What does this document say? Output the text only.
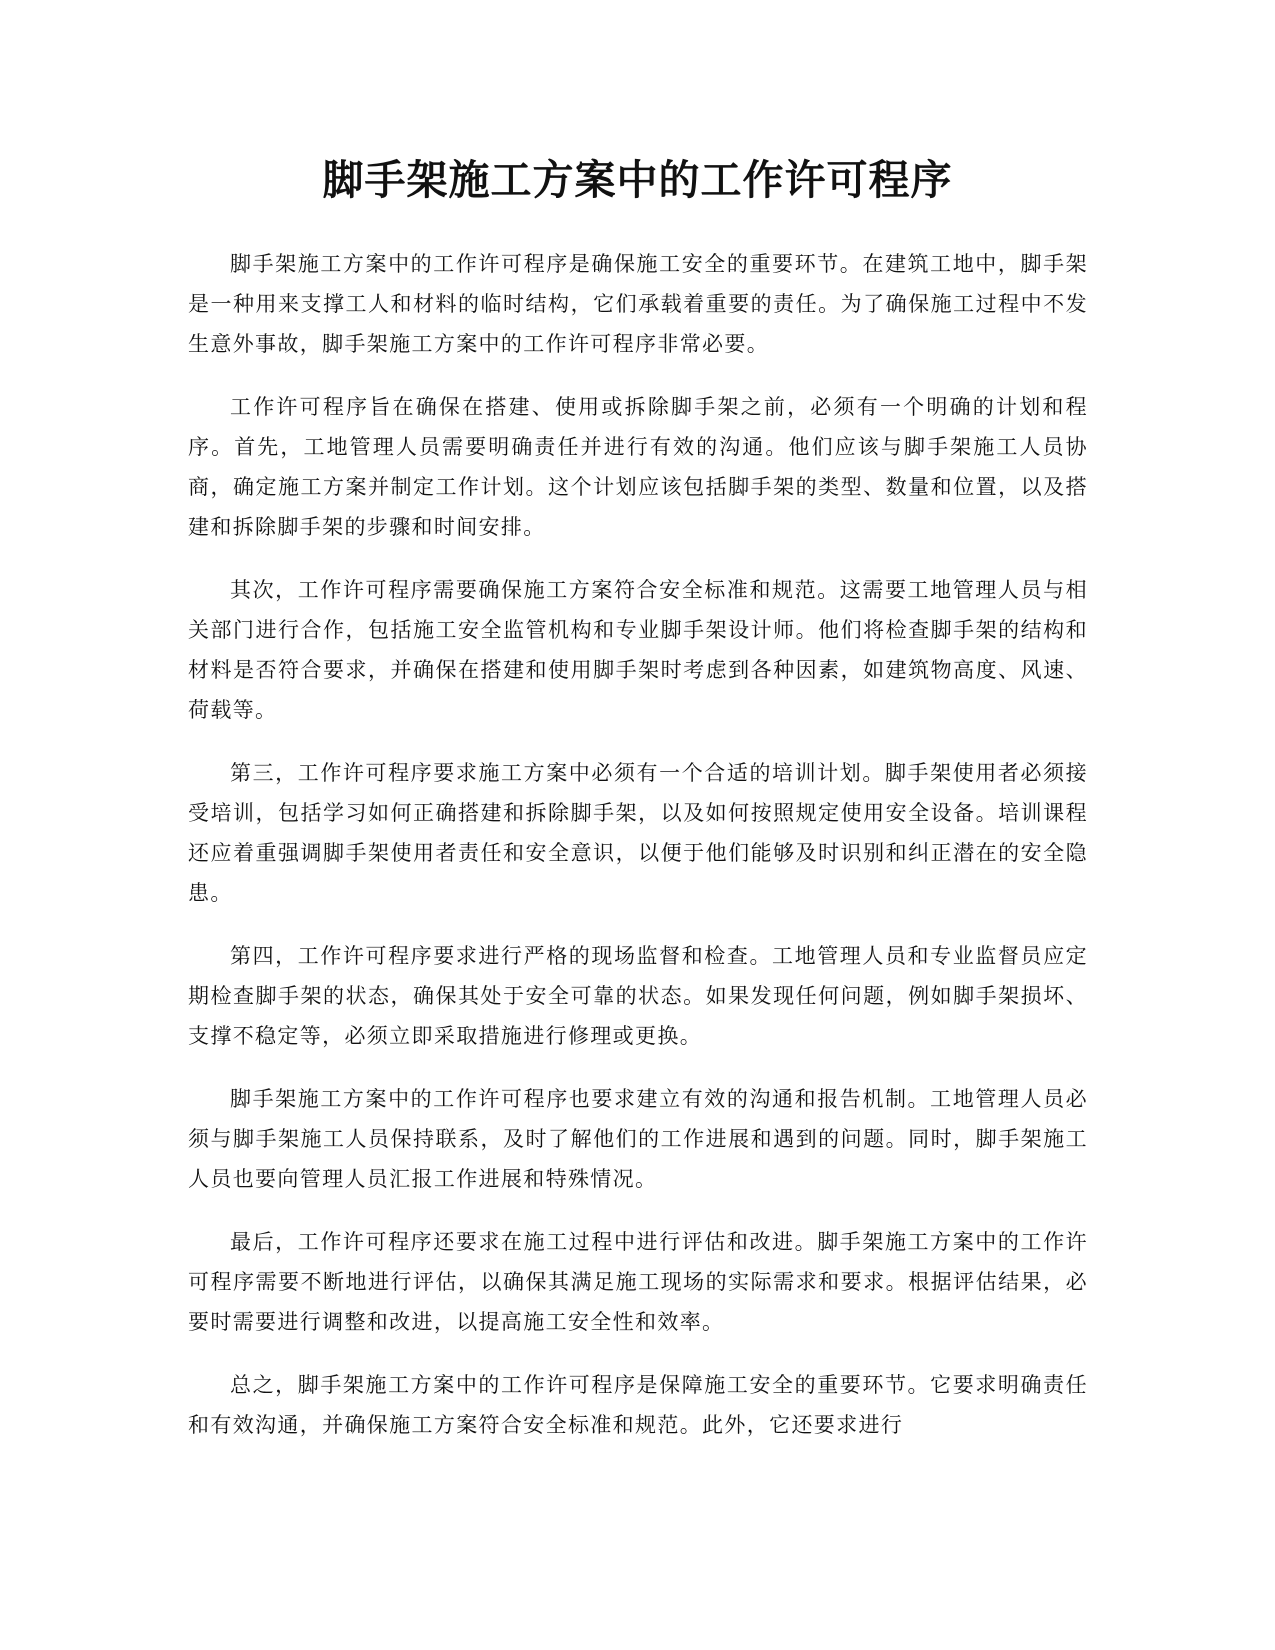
脚手架施工方案中的工作许可程序

脚手架施工方案中的工作许可程序是确保施工安全的重要环节。在建筑工地中，脚手架是一种用来支撑工人和材料的临时结构，它们承载着重要的责任。为了确保施工过程中不发生意外事故，脚手架施工方案中的工作许可程序非常必要。

工作许可程序旨在确保在搭建、使用或拆除脚手架之前，必须有一个明确的计划和程序。首先，工地管理人员需要明确责任并进行有效的沟通。他们应该与脚手架施工人员协商，确定施工方案并制定工作计划。这个计划应该包括脚手架的类型、数量和位置，以及搭建和拆除脚手架的步骤和时间安排。

其次，工作许可程序需要确保施工方案符合安全标准和规范。这需要工地管理人员与相关部门进行合作，包括施工安全监管机构和专业脚手架设计师。他们将检查脚手架的结构和材料是否符合要求，并确保在搭建和使用脚手架时考虑到各种因素，如建筑物高度、风速、荷载等。

第三，工作许可程序要求施工方案中必须有一个合适的培训计划。脚手架使用者必须接受培训，包括学习如何正确搭建和拆除脚手架，以及如何按照规定使用安全设备。培训课程还应着重强调脚手架使用者责任和安全意识，以便于他们能够及时识别和纠正潜在的安全隐患。

第四，工作许可程序要求进行严格的现场监督和检查。工地管理人员和专业监督员应定期检查脚手架的状态，确保其处于安全可靠的状态。如果发现任何问题，例如脚手架损坏、支撑不稳定等，必须立即采取措施进行修理或更换。

脚手架施工方案中的工作许可程序也要求建立有效的沟通和报告机制。工地管理人员必须与脚手架施工人员保持联系，及时了解他们的工作进展和遇到的问题。同时，脚手架施工人员也要向管理人员汇报工作进展和特殊情况。

最后，工作许可程序还要求在施工过程中进行评估和改进。脚手架施工方案中的工作许可程序需要不断地进行评估，以确保其满足施工现场的实际需求和要求。根据评估结果，必要时需要进行调整和改进，以提高施工安全性和效率。

总之，脚手架施工方案中的工作许可程序是保障施工安全的重要环节。它要求明确责任和有效沟通，并确保施工方案符合安全标准和规范。此外，它还要求进行
